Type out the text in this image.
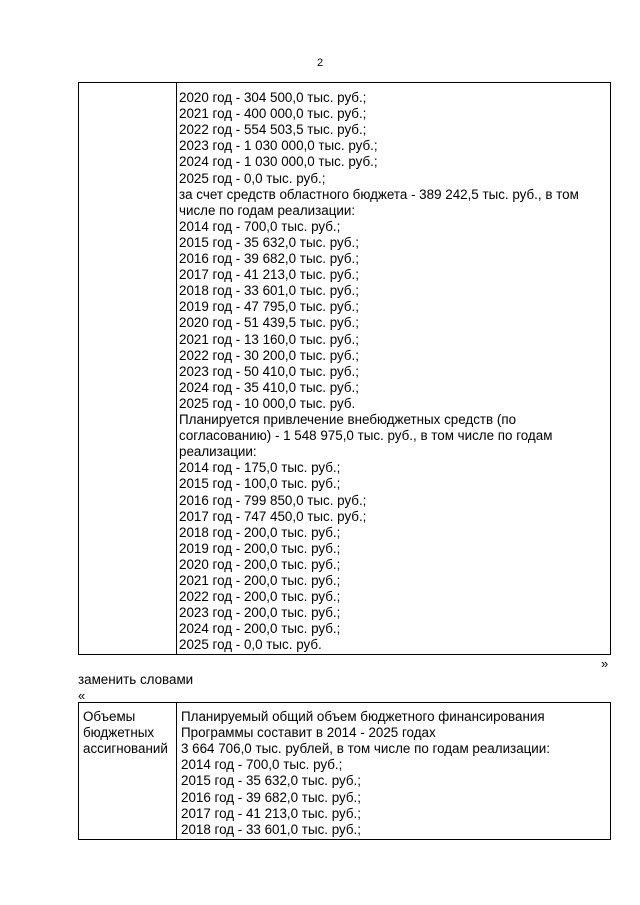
2
2020 год - 304 500,0 тыс. руб.;
2021 год - 400 000,0 тыс. руб.;
2022 год - 554 503,5 тыс. руб.;
2023 год - 1 030 000,0 тыс. руб.;
2024 год - 1 030 000,0 тыс. руб.;
2025 год - 0,0 тыс. руб.;
за счет средств областного бюджета - 389 242,5 тыс. руб., в том
числе по годам реализации:
2014 год - 700,0 тыс. руб.;
2015 год - 35 632,0 тыс. руб.;
2016 год - 39 682,0 тыс. руб.;
2017 год - 41 213,0 тыс. руб.;
2018 год - 33 601,0 тыс. руб.;
2019 год - 47 795,0 тыс. руб.;
2020 год - 51 439,5 тыс. руб.;
2021 год - 13 160,0 тыс. руб.;
2022 год - 30 200,0 тыс. руб.;
2023 год - 50 410,0 тыс. руб.;
2024 год - 35 410,0 тыс. руб.;
2025 год - 10 000,0 тыс. руб.
Планируется привлечение внебюджетных средств (по
согласованию) - 1 548 975,0 тыс. руб., в том числе по годам
реализации:
2014 год - 175,0 тыс. руб.;
2015 год - 100,0 тыс. руб.;
2016 год - 799 850,0 тыс. руб.;
2017 год - 747 450,0 тыс. руб.;
2018 год - 200,0 тыс. руб.;
2019 год - 200,0 тыс. руб.;
2020 год - 200,0 тыс. руб.;
2021 год - 200,0 тыс. руб.;
2022 год - 200,0 тыс. руб.;
2023 год - 200,0 тыс. руб.;
2024 год - 200,0 тыс. руб.;
2025 год - 0,0 тыс. руб.
»
заменить словами
«
Объемы
бюджетных
ассигнований
Планируемый общий объем бюджетного финансирования
Программы составит в 2014 - 2025 годах
3 664 706,0 тыс. рублей, в том числе по годам реализации:
2014 год - 700,0 тыс. руб.;
2015 год - 35 632,0 тыс. руб.;
2016 год - 39 682,0 тыс. руб.;
2017 год - 41 213,0 тыс. руб.;
2018 год - 33 601,0 тыс. руб.;
